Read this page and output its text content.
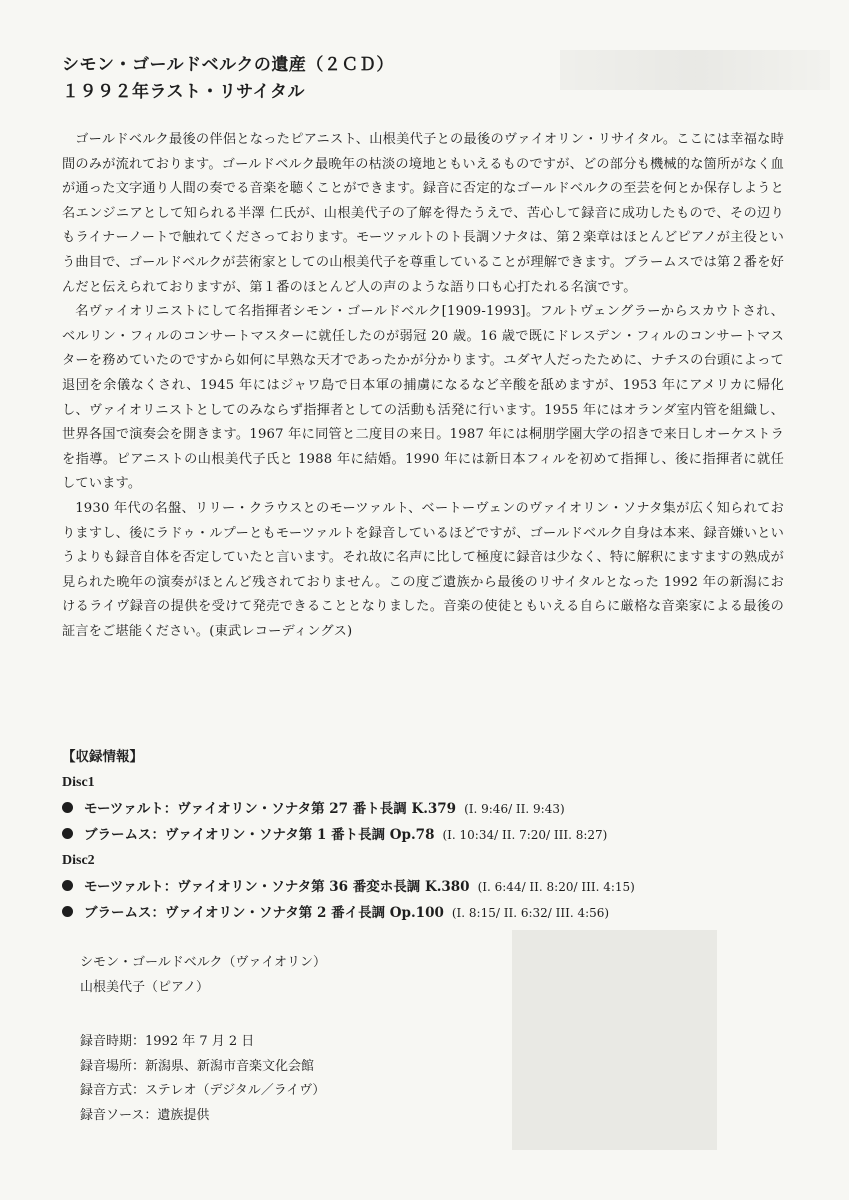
シモン・ゴールドベルクの遺産（２ＣＤ）
１９９２年ラスト・リサイタル

ゴールドベルク最後の伴侶となったピアニスト、山根美代子との最後のヴァイオリン・リサイタル。ここには幸福な時間のみが流れております。ゴールドベルク最晩年の枯淡の境地ともいえるものですが、どの部分も機械的な箇所がなく血が通った文字通り人間の奏でる音楽を聴くことができます。録音に否定的なゴールドベルクの至芸を何とか保存しようと名エンジニアとして知られる半澤 仁氏が、山根美代子の了解を得たうえで、苦心して録音に成功したもので、その辺りもライナーノートで触れてくださっております。モーツァルトのト長調ソナタは、第２楽章はほとんどピアノが主役という曲目で、ゴールドベルクが芸術家としての山根美代子を尊重していることが理解できます。ブラームスでは第２番を好んだと伝えられておりますが、第１番のほとんど人の声のような語り口も心打たれる名演です。

名ヴァイオリニストにして名指揮者シモン・ゴールドベルク[1909-1993]。フルトヴェングラーからスカウトされ、ベルリン・フィルのコンサートマスターに就任したのが弱冠 20 歳。16 歳で既にドレスデン・フィルのコンサートマスターを務めていたのですから如何に早熟な天才であったかが分かります。ユダヤ人だったために、ナチスの台頭によって退団を余儀なくされ、1945 年にはジャワ島で日本軍の捕虜になるなど辛酸を舐めますが、1953 年にアメリカに帰化し、ヴァイオリニストとしてのみならず指揮者としての活動も活発に行います。1955 年にはオランダ室内管を組織し、世界各国で演奏会を開きます。1967 年に同管と二度目の来日。1987 年には桐朋学園大学の招きで来日しオーケストラを指導。ピアニストの山根美代子氏と 1988 年に結婚。1990 年には新日本フィルを初めて指揮し、後に指揮者に就任しています。

1930 年代の名盤、リリー・クラウスとのモーツァルト、ベートーヴェンのヴァイオリン・ソナタ集が広く知られておりますし、後にラドゥ・ルプーともモーツァルトを録音しているほどですが、ゴールドベルク自身は本来、録音嫌いというよりも録音自体を否定していたと言います。それ故に名声に比して極度に録音は少なく、特に解釈にますますの熟成が見られた晩年の演奏がほとんど残されておりません。この度ご遺族から最後のリサイタルとなった 1992 年の新潟におけるライヴ録音の提供を受けて発売できることとなりました。音楽の使徒ともいえる自らに厳格な音楽家による最後の証言をご堪能ください。(東武レコーディングス)

【収録情報】
Disc1
モーツァルト：ヴァイオリン・ソナタ第 27 番ト長調 K.379 (I. 9:46/ II. 9:43)
ブラームス：ヴァイオリン・ソナタ第 1 番ト長調 Op.78 (I. 10:34/ II. 7:20/ III. 8:27)
Disc2
モーツァルト：ヴァイオリン・ソナタ第 36 番変ホ長調 K.380 (I. 6:44/ II. 8:20/ III. 4:15)
ブラームス：ヴァイオリン・ソナタ第 2 番イ長調 Op.100 (I. 8:15/ II. 6:32/ III. 4:56)
シモン・ゴールドベルク（ヴァイオリン）
山根美代子（ピアノ）
録音時期：1992 年 7 月 2 日
録音場所：新潟県、新潟市音楽文化会館
録音方式：ステレオ（デジタル／ライヴ）
録音ソース：遺族提供
